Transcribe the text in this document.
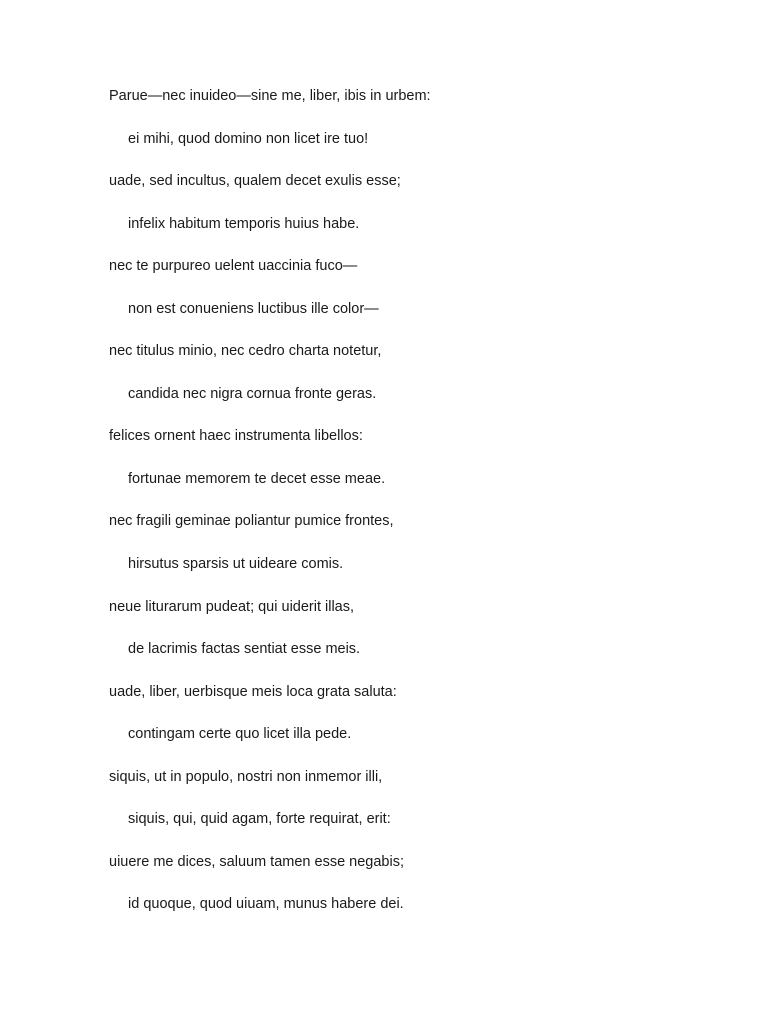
Parue—nec inuideo—sine me, liber, ibis in urbem:
ei mihi, quod domino non licet ire tuo!
uade, sed incultus, qualem decet exulis esse;
infelix habitum temporis huius habe.
nec te purpureo uelent uaccinia fuco—
non est conueniens luctibus ille color—
nec titulus minio, nec cedro charta notetur,
candida nec nigra cornua fronte geras.
felices ornent haec instrumenta libellos:
fortunae memorem te decet esse meae.
nec fragili geminae poliantur pumice frontes,
hirsutus sparsis ut uideare comis.
neue liturarum pudeat; qui uiderit illas,
de lacrimis factas sentiat esse meis.
uade, liber, uerbisque meis loca grata saluta:
contingam certe quo licet illa pede.
siquis, ut in populo, nostri non inmemor illi,
siquis, qui, quid agam, forte requirat, erit:
uiuere me dices, saluum tamen esse negabis;
id quoque, quod uiuam, munus habere dei.
